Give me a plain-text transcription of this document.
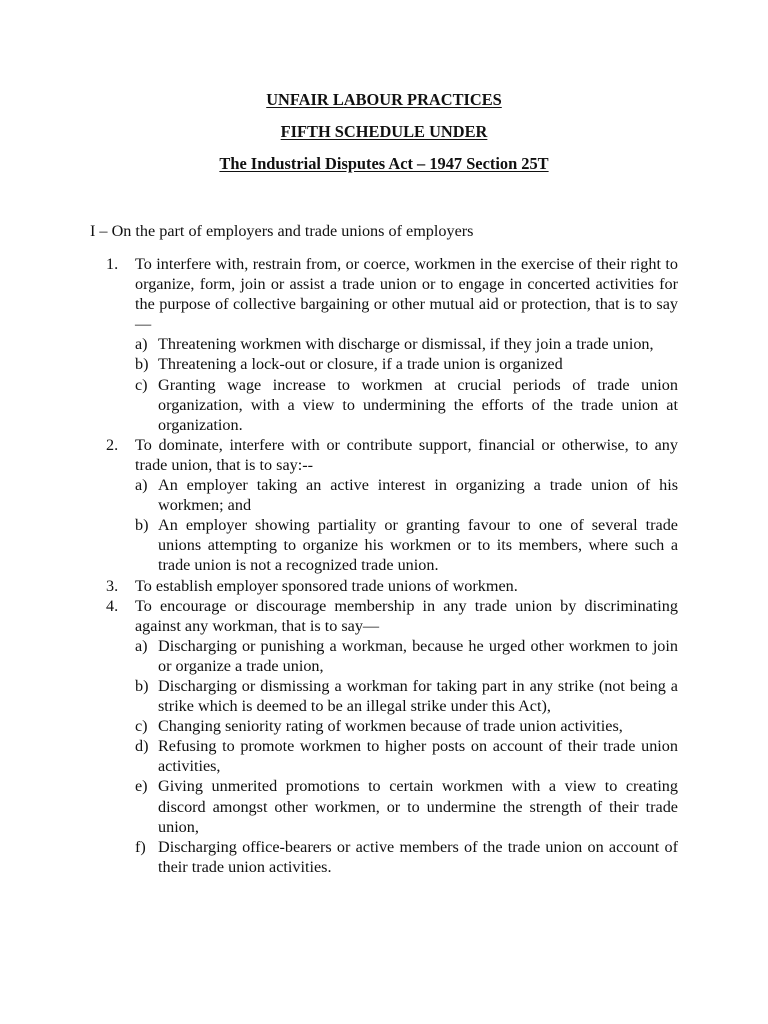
UNFAIR LABOUR PRACTICES
FIFTH SCHEDULE UNDER
The Industrial Disputes Act – 1947 Section 25T
I – On the part of employers and trade unions of employers
1. To interfere with, restrain from, or coerce, workmen in the exercise of their right to organize, form, join or assist a trade union or to engage in concerted activities for the purpose of collective bargaining or other mutual aid or protection, that is to say—
a) Threatening workmen with discharge or dismissal, if they join a trade union,
b) Threatening a lock-out or closure, if a trade union is organized
c) Granting wage increase to workmen at crucial periods of trade union organization, with a view to undermining the efforts of the trade union at organization.
2. To dominate, interfere with or contribute support, financial or otherwise, to any trade union, that is to say:--
a) An employer taking an active interest in organizing a trade union of his workmen; and
b) An employer showing partiality or granting favour to one of several trade unions attempting to organize his workmen or to its members, where such a trade union is not a recognized trade union.
3. To establish employer sponsored trade unions of workmen.
4. To encourage or discourage membership in any trade union by discriminating against any workman, that is to say—
a) Discharging or punishing a workman, because he urged other workmen to join or organize a trade union,
b) Discharging or dismissing a workman for taking part in any strike (not being a strike which is deemed to be an illegal strike under this Act),
c) Changing seniority rating of workmen because of trade union activities,
d) Refusing to promote workmen to higher posts on account of their trade union activities,
e) Giving unmerited promotions to certain workmen with a view to creating discord amongst other workmen, or to undermine the strength of their trade union,
f) Discharging office-bearers or active members of the trade union on account of their trade union activities.
